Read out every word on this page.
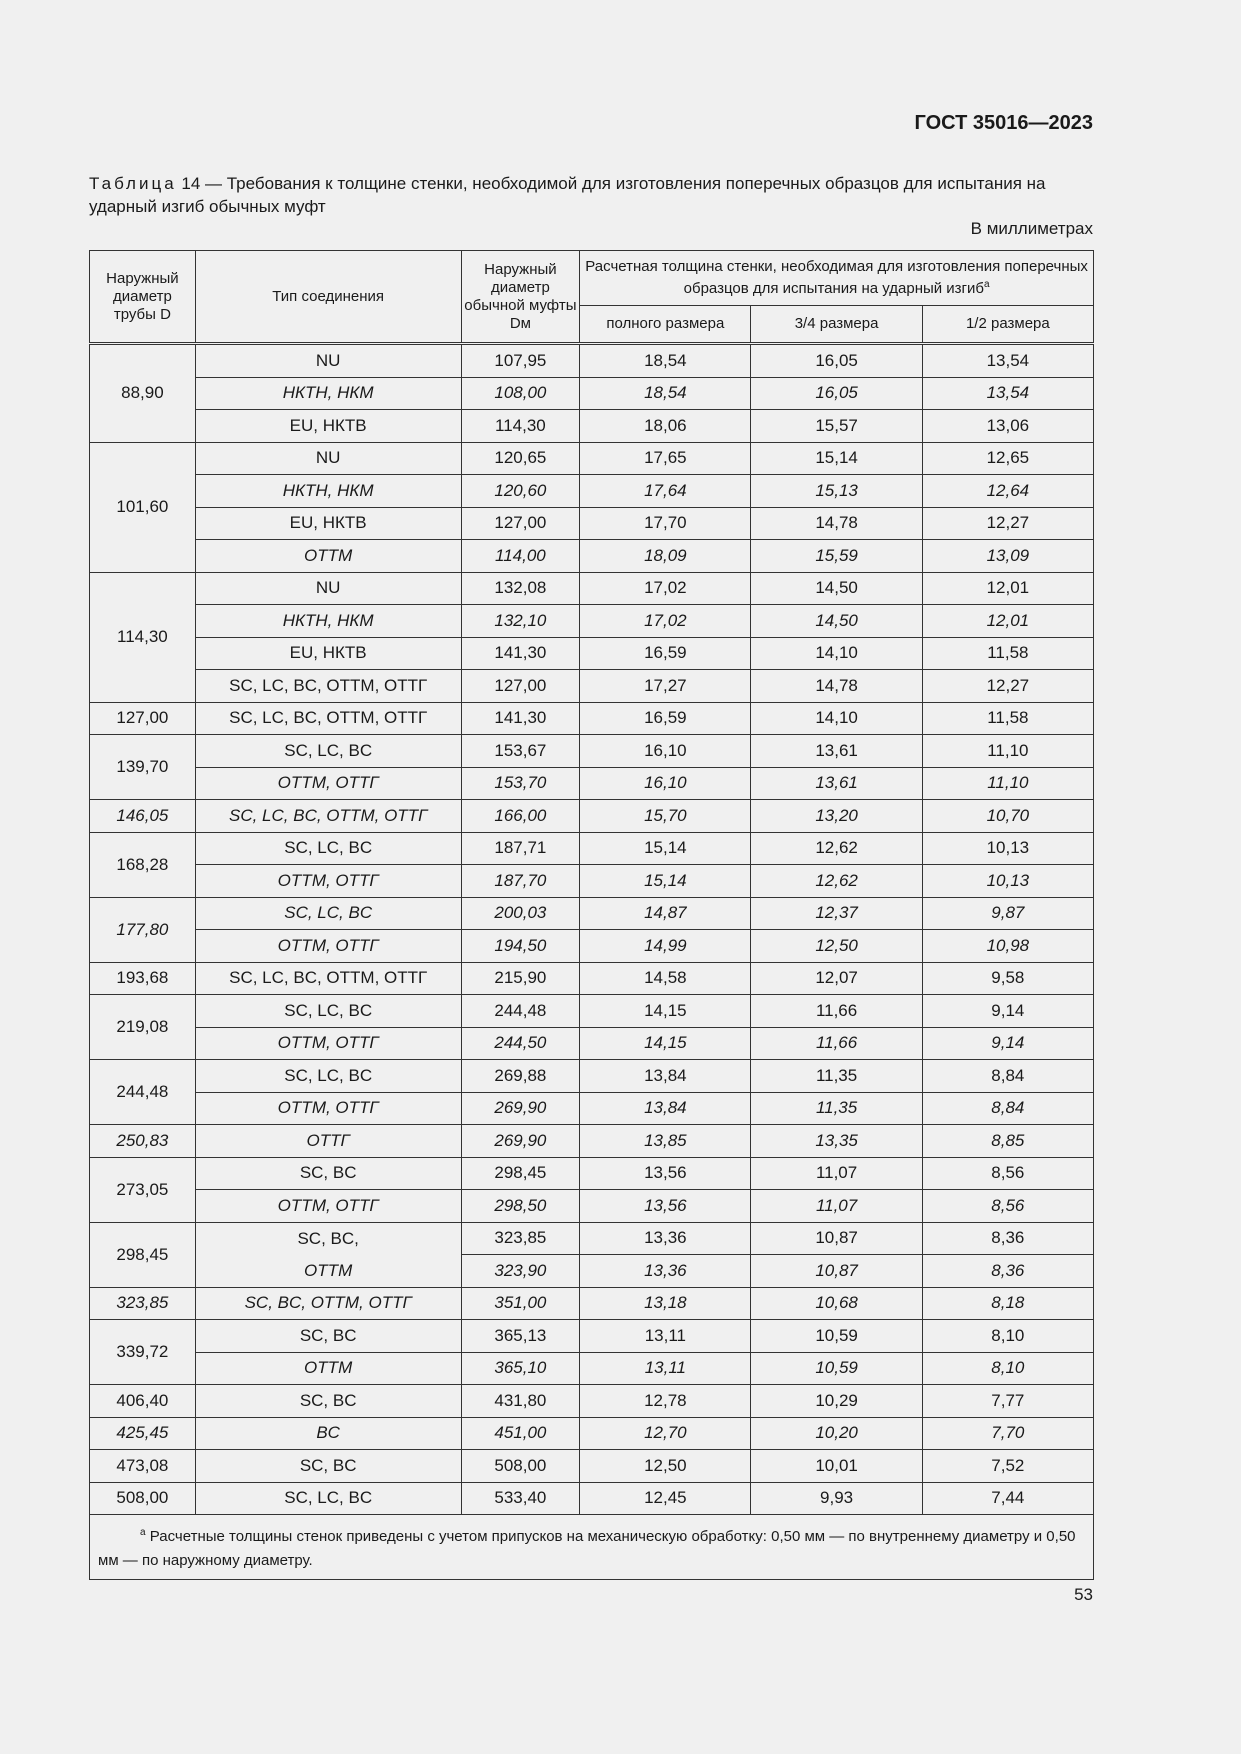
ГОСТ 35016—2023
Таблица 14 — Требования к толщине стенки, необходимой для изготовления поперечных образцов для испытания на ударный изгиб обычных муфт
В миллиметрах
Наружный диаметр трубы D	Тип соединения	Наружный диаметр обычной муфты Dм	Расчетная толщина стенки, необходимая для изготовления поперечных образцов для испытания на ударный изгиб$^a$
			полного размера	3/4 размера	1/2 размера
88,90	NU	107,95	18,54	16,05	13,54
	НКТН, НКМ	108,00	18,54	16,05	13,54
	EU, НКТВ	114,30	18,06	15,57	13,06
101,60	NU	120,65	17,65	15,14	12,65
	НКТН, НКМ	120,60	17,64	15,13	12,64
	EU, НКТВ	127,00	17,70	14,78	12,27
	ОТТМ	114,00	18,09	15,59	13,09
114,30	NU	132,08	17,02	14,50	12,01
	НКТН, НКМ	132,10	17,02	14,50	12,01
	EU, НКТВ	141,30	16,59	14,10	11,58
	SC, LC, BC, ОТТМ, ОТТГ	127,00	17,27	14,78	12,27
127,00	SC, LC, BC, ОТТМ, ОТТГ	141,30	16,59	14,10	11,58
139,70	SC, LC, BC	153,67	16,10	13,61	11,10
	ОТТМ, ОТТГ	153,70	16,10	13,61	11,10
146,05	SC, LC, BC, ОТТМ, ОТТГ	166,00	15,70	13,20	10,70
168,28	SC, LC, BC	187,71	15,14	12,62	10,13
	ОТТМ, ОТТГ	187,70	15,14	12,62	10,13
177,80	SC, LC, BC	200,03	14,87	12,37	9,87
	ОТТМ, ОТТГ	194,50	14,99	12,50	10,98
193,68	SC, LC, BC, ОТТМ, ОТТГ	215,90	14,58	12,07	9,58
219,08	SC, LC, BC	244,48	14,15	11,66	9,14
	ОТТМ, ОТТГ	244,50	14,15	11,66	9,14
244,48	SC, LC, BC	269,88	13,84	11,35	8,84
	ОТТМ, ОТТГ	269,90	13,84	11,35	8,84
250,83	ОТТГ	269,90	13,85	13,35	8,85
273,05	SC, BC	298,45	13,56	11,07	8,56
	ОТТМ, ОТТГ	298,50	13,56	11,07	8,56
298,45	SC, BC,	323,85	13,36	10,87	8,36
	ОТТМ	323,90	13,36	10,87	8,36
323,85	SC, BC, ОТТМ, ОТТГ	351,00	13,18	10,68	8,18
339,72	SC, BC	365,13	13,11	10,59	8,10
	ОТТМ	365,10	13,11	10,59	8,10
406,40	SC, BC	431,80	12,78	10,29	7,77
425,45	BC	451,00	12,70	10,20	7,70
473,08	SC, BC	508,00	12,50	10,01	7,52
508,00	SC, LC, BC	533,40	12,45	9,93	7,44
$^a$ Расчетные толщины стенок приведены с учетом припусков на механическую обработку: 0,50 мм — по внутреннему диаметру и 0,50 мм — по наружному диаметру.					
53
